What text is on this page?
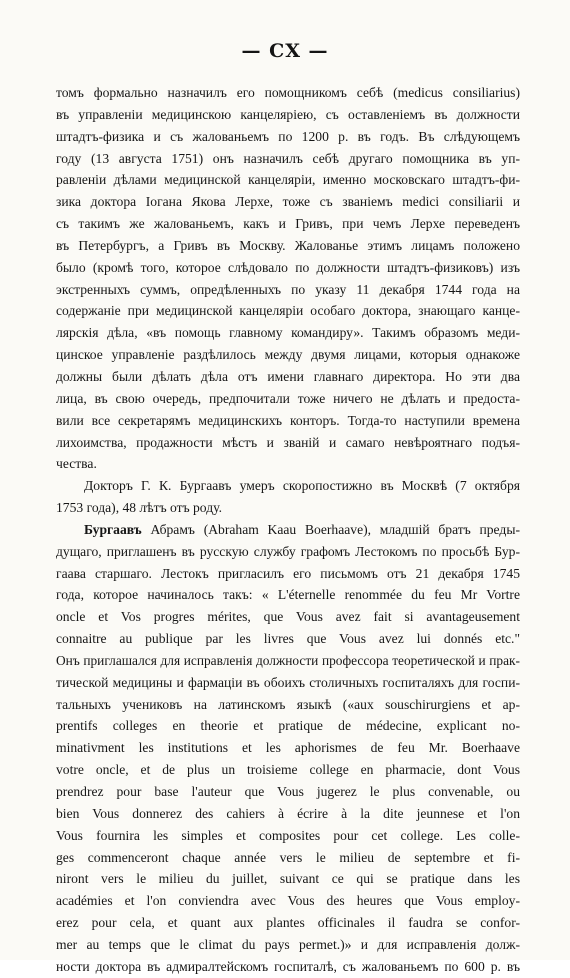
— CX —
томъ формально назначилъ его помощникомъ себѣ (medicus consiliarius)
въ управленіи медицинскою канцеляріею, съ оставленіемъ въ должности
штадтъ-физика и съ жалованьемъ по 1200 р. въ годъ. Въ слѣдующемъ
году (13 августа 1751) онъ назначилъ себѣ другаго помощника въ уп-
равленіи дѣлами медицинской канцеляріи, именно московскаго штадтъ-фи-
зика доктора Іогана Якова Лерхе, тоже съ званіемъ medici consiliarii и
съ такимъ же жалованьемъ, какъ и Гривъ, при чемъ Лерхе переведенъ
въ Петербургъ, а Гривъ въ Москву. Жалованье этимъ лицамъ положено
было (кромѣ того, которое слѣдовало по должности штадтъ-физиковъ) изъ
экстренныхъ суммъ, опредѣленныхъ по указу 11 декабря 1744 года на
содержаніе при медицинской канцеляріи особаго доктора, знающаго канце-
лярскія дѣла, «въ помощь главному командиру». Такимъ образомъ меди-
цинское управленіе раздѣлилось между двумя лицами, которыя однакоже
должны были дѣлать дѣла отъ имени главнаго директора. Но эти два
лица, въ свою очередь, предпочитали тоже ничего не дѣлать и предоста-
вили все секретарямъ медицинскихъ конторъ. Тогда-то наступили времена
лихоимства, продажности мѣстъ и званій и самаго невѣроятнаго подъя-
чества.
Докторъ Г. К. Бургаавъ умеръ скоропостижно въ Москвѣ (7 октября
1753 года), 48 лѣтъ отъ роду.
Бургаавъ Абрамъ (Abraham Kaau Boerhaave), младшій братъ преды-
дущаго, приглашенъ въ русскую службу графомъ Лестокомъ по просьбѣ Бур-
гаава старшаго. Лестокъ пригласилъ его письмомъ отъ 21 декабря 1745
года, которое начиналось такъ: « L'éternelle renommée du feu Mr Vortre
oncle et Vos progres mérites, que Vous avez fait si avantageusement
connaitre au publique par les livres que Vous avez lui donnés etc."
Онъ приглашался для исправленія должности профессора теоретической и прак-
тической медицины и фармаціи въ обоихъ столичныхъ госпиталяхъ для госпи-
тальныхъ учениковъ на латинскомъ языкѣ («aux souschirurgiens et ap-
prentifs colleges en theorie et pratique de médecine, explicant no-
minativment les institutions et les aphorismes de feu Mr. Boerhaave
votre oncle, et de plus un troisieme college en pharmacie, dont Vous
prendrez pour base l'auteur que Vous jugerez le plus convenable, ou
bien Vous donnerez des cahiers à écrire à la dite jeunnese et l'on
Vous fournira les simples et composites pour cet college. Les colle-
ges commenceront chaque année vers le milieu de septembre et fi-
niront vers le milieu du juillet, suivant ce qui se pratique dans les
académies et l'on conviendra avec Vous des heures que Vous employ-
erez pour cela, et quant aux plantes officinales il faudra se confor-
mer au temps que le climat du pays permet.)» и для исправленія долж-
ности доктора въ адмиралтейскомъ госпиталѣ, съ жалованьемъ по 600 р. въ
